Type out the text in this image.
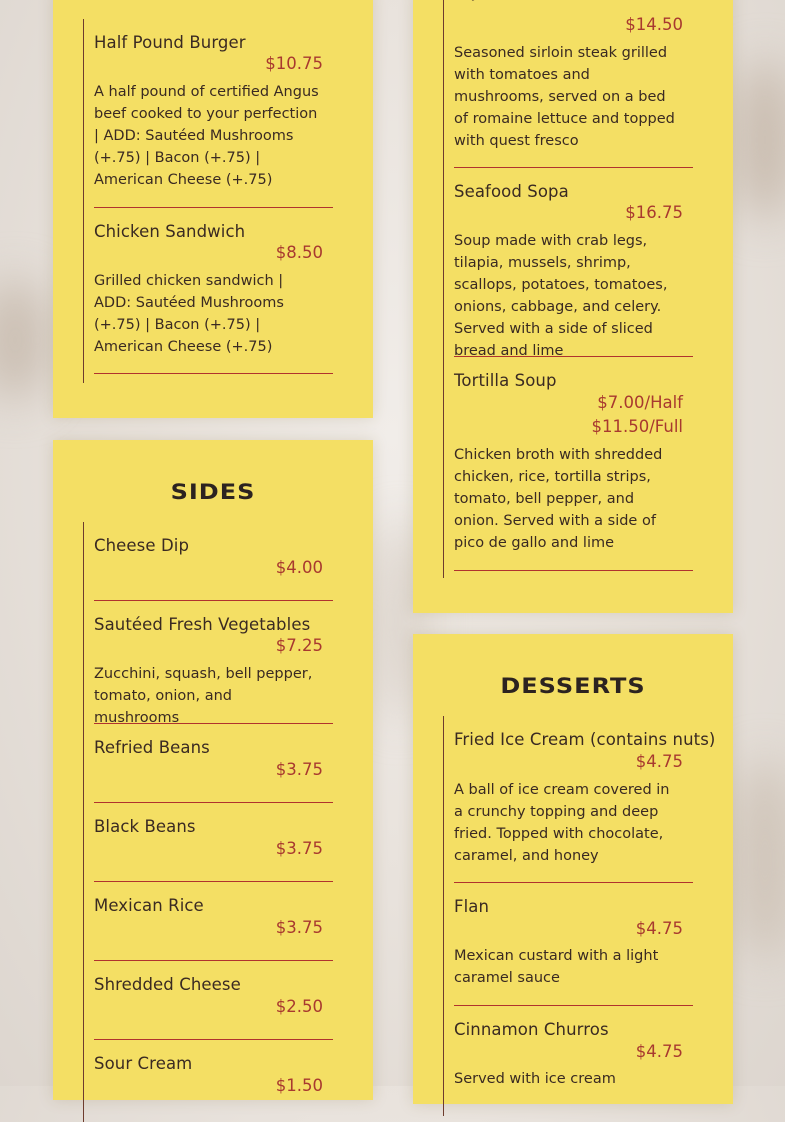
Half Pound Burger
$10.75
A half pound of certified Angus beef cooked to your perfection | ADD: Sautéed Mushrooms (+.75) | Bacon (+.75) | American Cheese (+.75)
Chicken Sandwich
$8.50
Grilled chicken sandwich | ADD: Sautéed Mushrooms (+.75) | Bacon (+.75) | American Cheese (+.75)
SIDES
Cheese Dip
$4.00
Sautéed Fresh Vegetables
$7.25
Zucchini, squash, bell pepper, tomato, onion, and mushrooms
Refried Beans
$3.75
Black Beans
$3.75
Mexican Rice
$3.75
Shredded Cheese
$2.50
Sour Cream
$1.50
$14.50
Seasoned sirloin steak grilled with tomatoes and mushrooms, served on a bed of romaine lettuce and topped with quest fresco
Seafood Sopa
$16.75
Soup made with crab legs, tilapia, mussels, shrimp, scallops, potatoes, tomatoes, onions, cabbage, and celery. Served with a side of sliced bread and lime
Tortilla Soup
$7.00/Half
$11.50/Full
Chicken broth with shredded chicken, rice, tortilla strips, tomato, bell pepper, and onion. Served with a side of pico de gallo and lime
DESSERTS
Fried Ice Cream (contains nuts)
$4.75
A ball of ice cream covered in a crunchy topping and deep fried. Topped with chocolate, caramel, and honey
Flan
$4.75
Mexican custard with a light caramel sauce
Cinnamon Churros
$4.75
Served with ice cream
